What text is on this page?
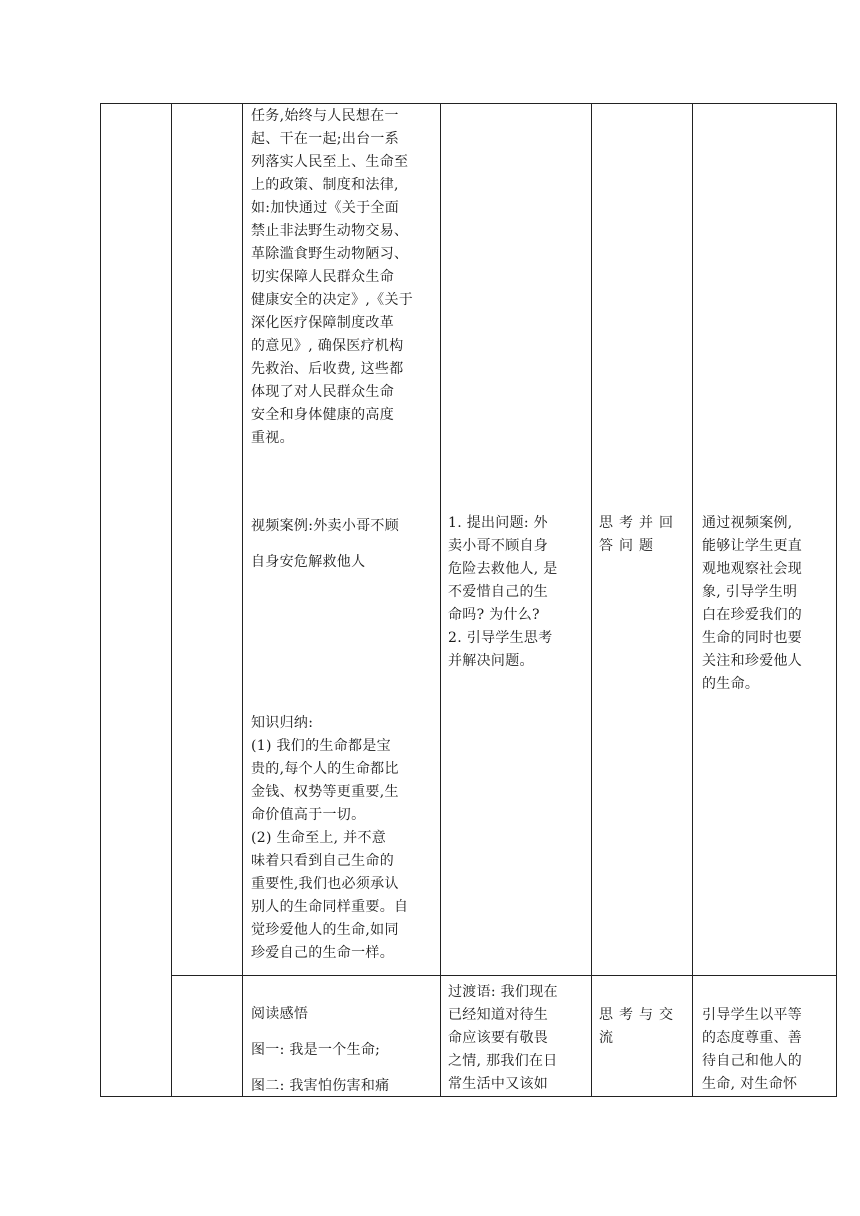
任务,始终与人民想在一

起、干在一起;出台一系

列落实人民至上、生命至

上的政策、制度和法律,

如:加快通过《关于全面

禁止非法野生动物交易、

革除滥食野生动物陋习、

切实保障人民群众生命

健康安全的决定》,《关于

深化医疗保障制度改革

的意见》, 确保医疗机构

先救治、后收费, 这些都

体现了对人民群众生命

安全和身体健康的高度

重视。

视频案例:外卖小哥不顾

自身安危解救他人

1. 提出问题: 外

卖小哥不顾自身

危险去救他人, 是

不爱惜自己的生

命吗? 为什么?

2. 引导学生思考

并解决问题。

思考并回

答问题

通过视频案例,

能够让学生更直

观地观察社会现

象, 引导学生明

白在珍爱我们的

生命的同时也要

关注和珍爱他人

的生命。

知识归纳:

(1) 我们的生命都是宝

贵的,每个人的生命都比

金钱、权势等更重要,生

命价值高于一切。

(2) 生命至上, 并不意

味着只看到自己生命的

重要性,我们也必须承认

别人的生命同样重要。自

觉珍爱他人的生命,如同

珍爱自己的生命一样。

阅读感悟

图一: 我是一个生命;

图二: 我害怕伤害和痛

过渡语: 我们现在

已经知道对待生

命应该要有敬畏

之情, 那我们在日

常生活中又该如

思考与交

流

引导学生以平等

的态度尊重、善

待自己和他人的

生命, 对生命怀
